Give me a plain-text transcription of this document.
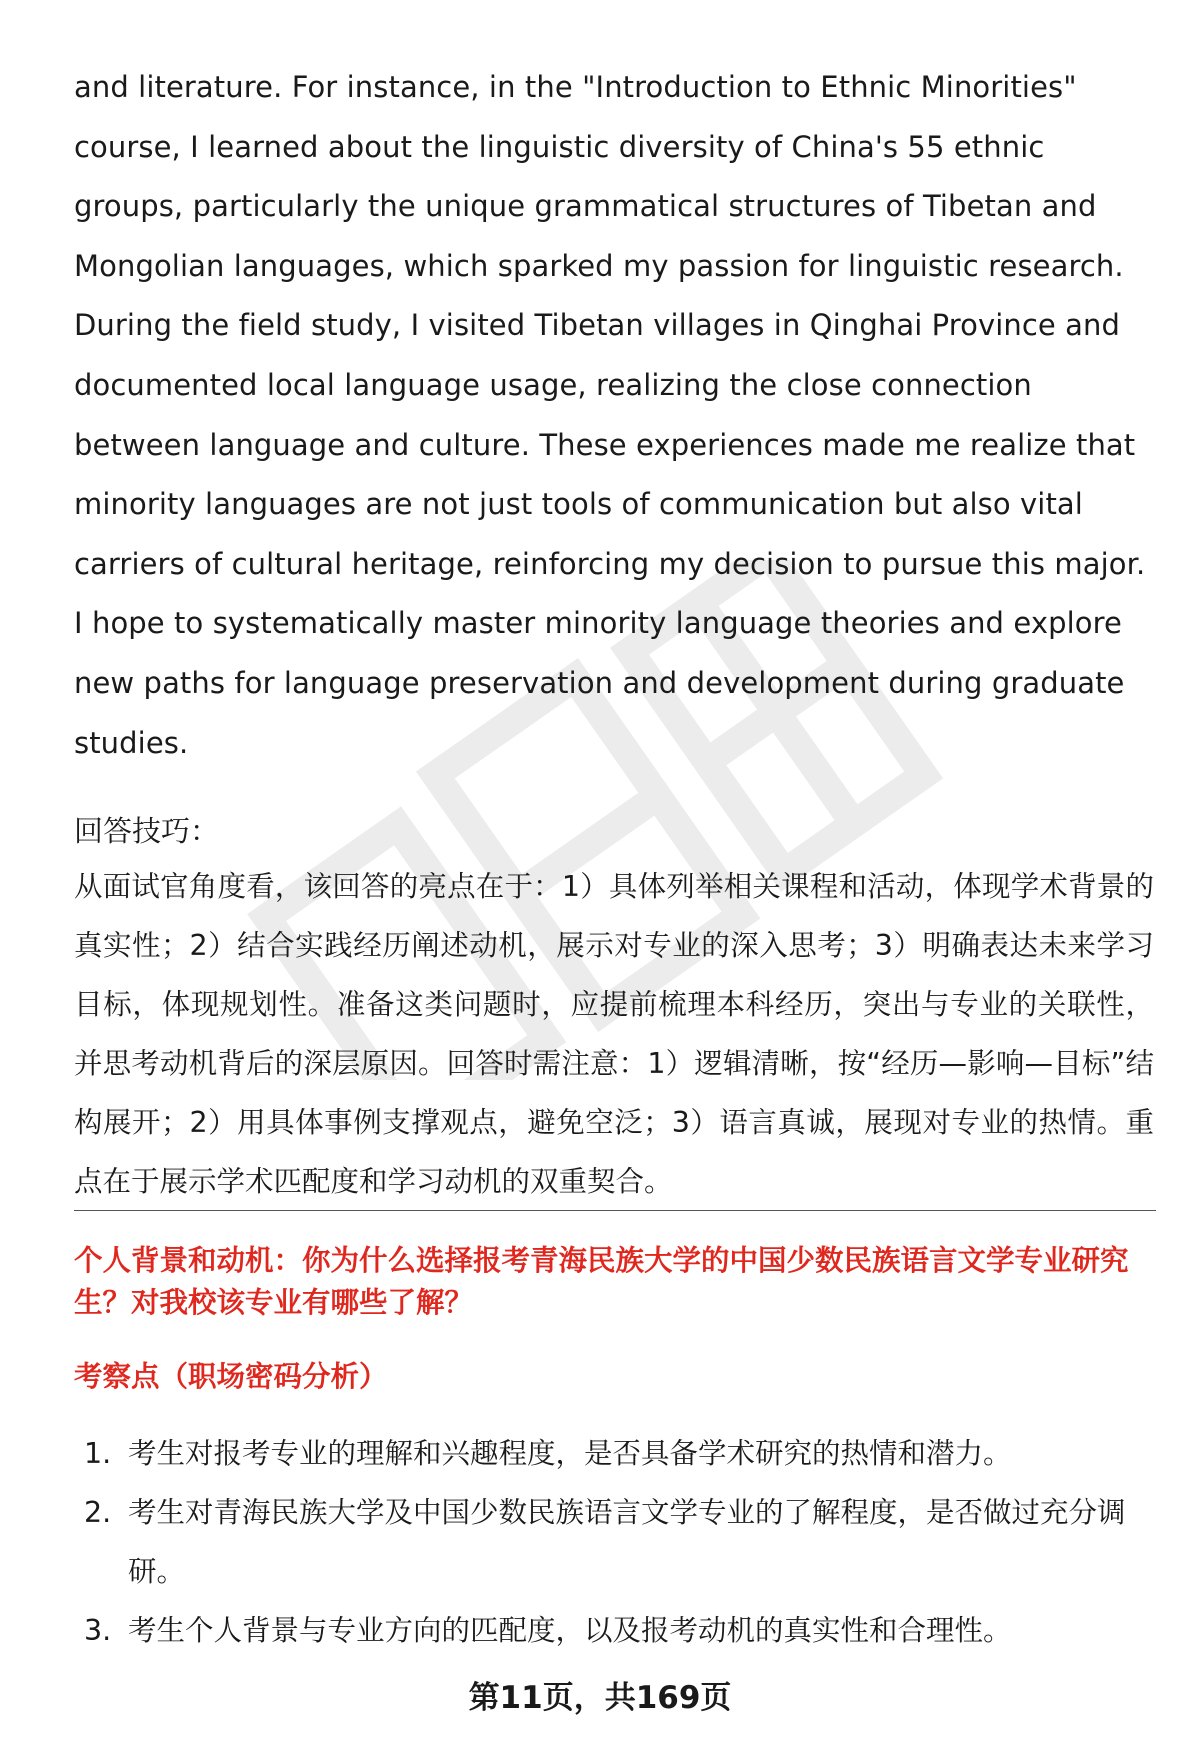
and literature. For instance, in the "Introduction to Ethnic Minorities" course, I learned about the linguistic diversity of China's 55 ethnic groups, particularly the unique grammatical structures of Tibetan and Mongolian languages, which sparked my passion for linguistic research. During the field study, I visited Tibetan villages in Qinghai Province and documented local language usage, realizing the close connection between language and culture. These experiences made me realize that minority languages are not just tools of communication but also vital carriers of cultural heritage, reinforcing my decision to pursue this major. I hope to systematically master minority language theories and explore new paths for language preservation and development during graduate studies.

回答技巧：

从面试官角度看，该回答的亮点在于：1）具体列举相关课程和活动，体现学术背景的真实性；2）结合实践经历阐述动机，展示对专业的深入思考；3）明确表达未来学习目标，体现规划性。准备这类问题时，应提前梳理本科经历，突出与专业的关联性，并思考动机背后的深层原因。回答时需注意：1）逻辑清晰，按“经历—影响—目标”结构展开；2）用具体事例支撑观点，避免空泛；3）语言真诚，展现对专业的热情。重点在于展示学术匹配度和学习动机的双重契合。

个人背景和动机：你为什么选择报考青海民族大学的中国少数民族语言文学专业研究生？对我校该专业有哪些了解？

考察点（职场密码分析）

1. 考生对报考专业的理解和兴趣程度，是否具备学术研究的热情和潜力。
2. 考生对青海民族大学及中国少数民族语言文学专业的了解程度，是否做过充分调研。
3. 考生个人背景与专业方向的匹配度，以及报考动机的真实性和合理性。
第11页，共169页
